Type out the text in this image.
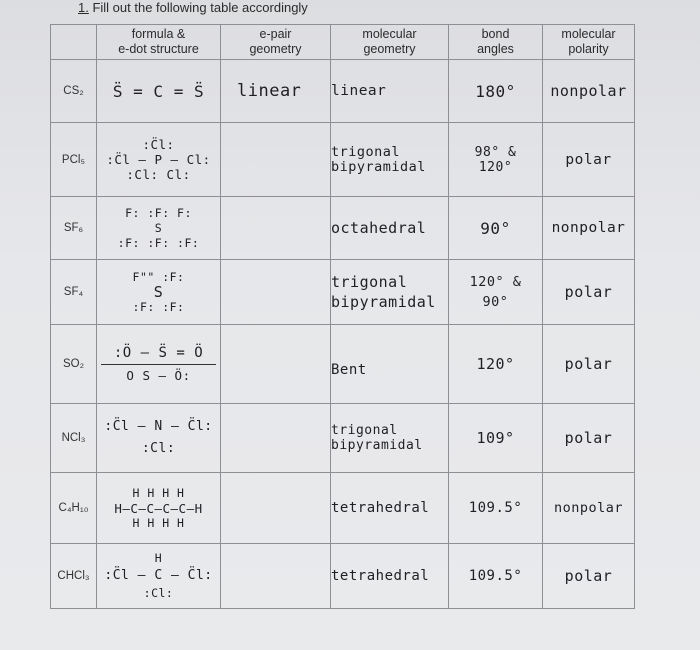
1. Fill out the following table accordingly

	formula &
e-dot structure	e-pair
geometry	molecular
geometry	bond
angles	molecular
polarity

CS₂	S̈ = C = S̈	linear	linear	180°	nonpolar
PCl₅	:C̈l:
:C̈l – P – Cl:
:Cl: Cl:		trigonal
bipyramidal	98° &
120°	polar
SF₆	F: :F: F:
S
:F: :F: :F:		octahedral	90°	nonpolar
SF₄	F"" :F:
S
:F: :F:		trigonal
bipyramidal	120° &
90°	polar
SO₂	:Ö – S̈ = Ö
O S – Ö:		Bent	120°	polar
NCl₃	:C̈l – N – C̈l:
:Cl:		trigonal
bipyramidal	109°	polar
C₄H₁₀	H H H H
H–C–C–C–C–H
H H H H		tetrahedral	109.5°	nonpolar
CHCl₃	H
:C̈l – C – C̈l:
:Cl:		tetrahedral	109.5°	polar
